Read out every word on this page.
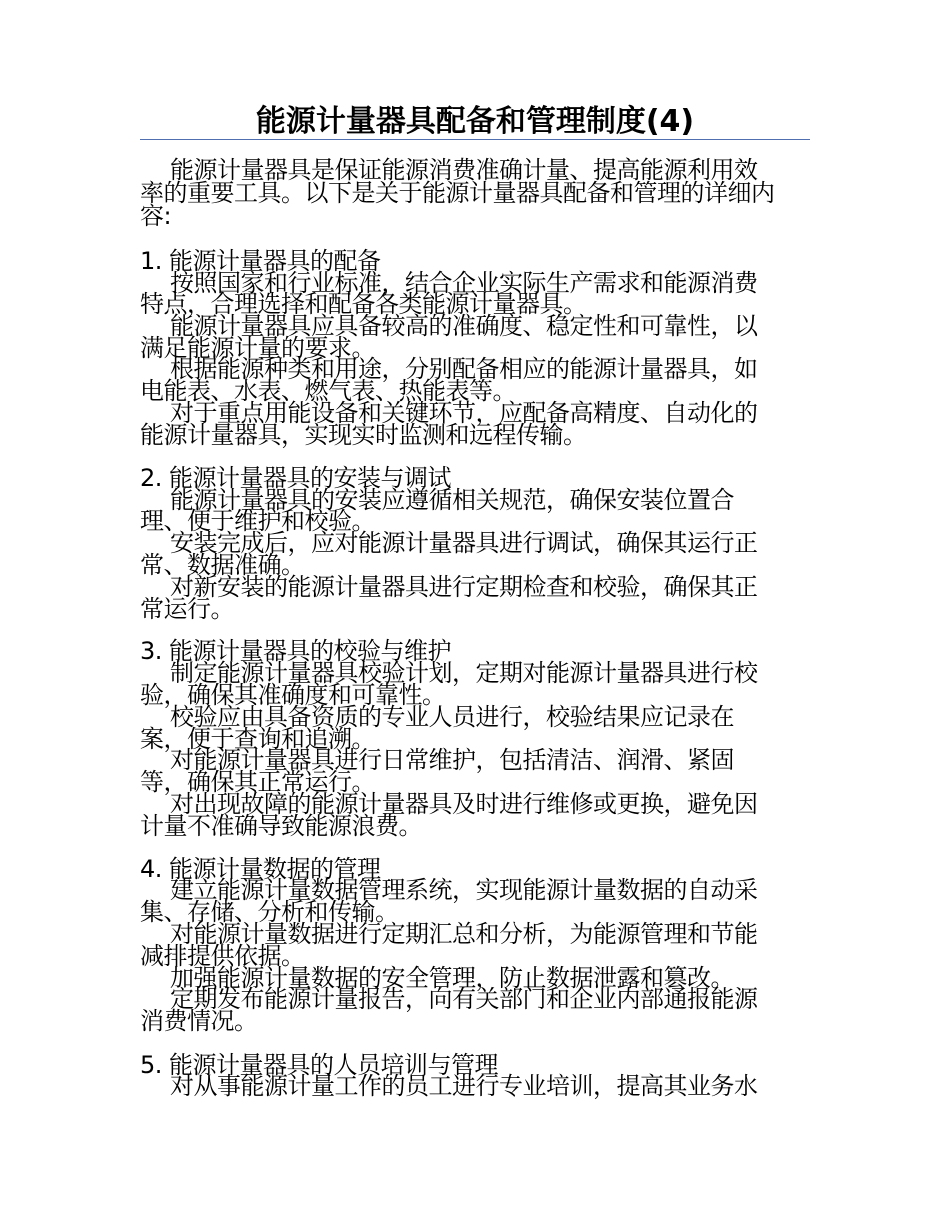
能源计量器具配备和管理制度(4)
能源计量器具是保证能源消费准确计量、提高能源利用效
率的重要工具。以下是关于能源计量器具配备和管理的详细内
容:
1. 能源计量器具的配备
按照国家和行业标准，结合企业实际生产需求和能源消费
特点，合理选择和配备各类能源计量器具。
能源计量器具应具备较高的准确度、稳定性和可靠性，以
满足能源计量的要求。
根据能源种类和用途，分别配备相应的能源计量器具，如
电能表、水表、燃气表、热能表等。
对于重点用能设备和关键环节，应配备高精度、自动化的
能源计量器具，实现实时监测和远程传输。
2. 能源计量器具的安装与调试
能源计量器具的安装应遵循相关规范，确保安装位置合
理、便于维护和校验。
安装完成后，应对能源计量器具进行调试，确保其运行正
常、数据准确。
对新安装的能源计量器具进行定期检查和校验，确保其正
常运行。
3. 能源计量器具的校验与维护
制定能源计量器具校验计划，定期对能源计量器具进行校
验，确保其准确度和可靠性。
校验应由具备资质的专业人员进行，校验结果应记录在
案，便于查询和追溯。
对能源计量器具进行日常维护，包括清洁、润滑、紧固
等，确保其正常运行。
对出现故障的能源计量器具及时进行维修或更换，避免因
计量不准确导致能源浪费。
4. 能源计量数据的管理
建立能源计量数据管理系统，实现能源计量数据的自动采
集、存储、分析和传输。
对能源计量数据进行定期汇总和分析，为能源管理和节能
减排提供依据。
加强能源计量数据的安全管理，防止数据泄露和篡改。
定期发布能源计量报告，向有关部门和企业内部通报能源
消费情况。
5. 能源计量器具的人员培训与管理
对从事能源计量工作的员工进行专业培训，提高其业务水
